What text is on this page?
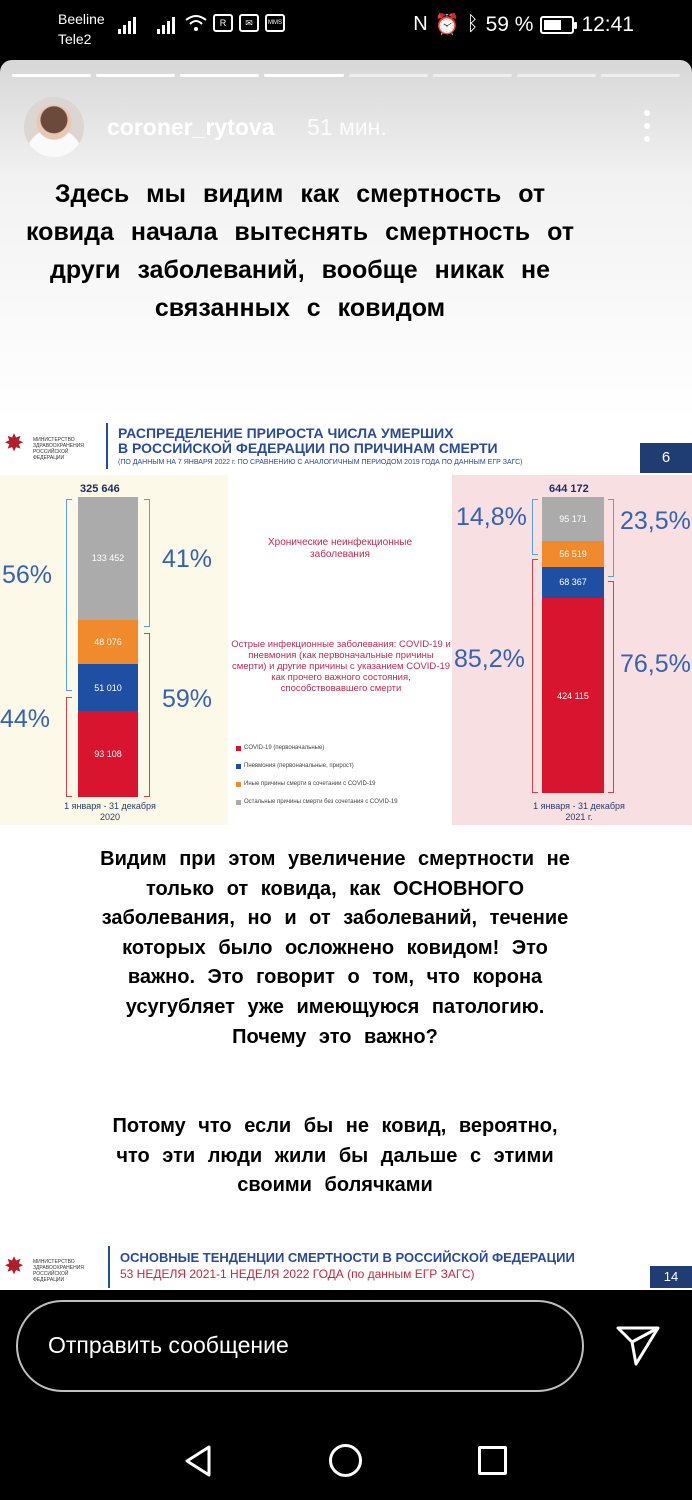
Beeline
Tele2
R	✉	MMS	N ⏰ ᛒ 59 % 12:41
coroner_rytova 51 мин.
Здесь мы видим как смертность от ковида начала вытеснять смертность от други заболеваний, вообще никак не связанных с ковидом
✸	МИНИСТЕРСТВО ЗДРАВООХРАНЕНИЯ РОССИЙСКОЙ ФЕДЕРАЦИИ
РАСПРЕДЕЛЕНИЕ ПРИРОСТА ЧИСЛА УМЕРШИХ
В РОССИЙСКОЙ ФЕДЕРАЦИИ ПО ПРИЧИНАМ СМЕРТИ
(ПО ДАННЫМ НА 7 ЯНВАРЯ 2022 г. ПО СРАВНЕНИЮ С АНАЛОГИЧНЫМ ПЕРИОДОМ 2019 ГОДА ПО ДАННЫМ ЕГР ЗАГС)	6
325 646
93 108
51 010
48 076
133 452
56%
44%
41%
59%
1 января - 31 декабря 2020
Хронические неинфекционные заболевания
Острые инфекционные заболевания: COVID-19 и пневмония (как первоначальные причины смерти) и другие причины с указанием COVID-19 как прочего важного состояния, способствовавшего смерти
COVID-19 (первоначальные)
Пневмония (первоначальные, прирост)
Иные причины смерти в сочетании с COVID-19
Остальные причины смерти без сочетания с COVID-19
644 172
424 115
68 367
56 519
95 171
14,8%	23,5%
85,2%	76,5%
1 января - 31 декабря 2021 г.
Видим при этом увеличение смертности не только от ковида, как ОСНОВНОГО заболевания, но и от заболеваний, течение которых было осложнено ковидом! Это важно. Это говорит о том, что корона усугубляет уже имеющуюся патологию. Почему это важно?
Потому что если бы не ковид, вероятно, что эти люди жили бы дальше с этими своими болячками
✸	МИНИСТЕРСТВО ЗДРАВООХРАНЕНИЯ РОССИЙСКОЙ ФЕДЕРАЦИИ
ОСНОВНЫЕ ТЕНДЕНЦИИ СМЕРТНОСТИ В РОССИЙСКОЙ ФЕДЕРАЦИИ
53 НЕДЕЛЯ 2021-1 НЕДЕЛЯ 2022 ГОДА (по данным ЕГР ЗАГС)	14
Отправить сообщение
